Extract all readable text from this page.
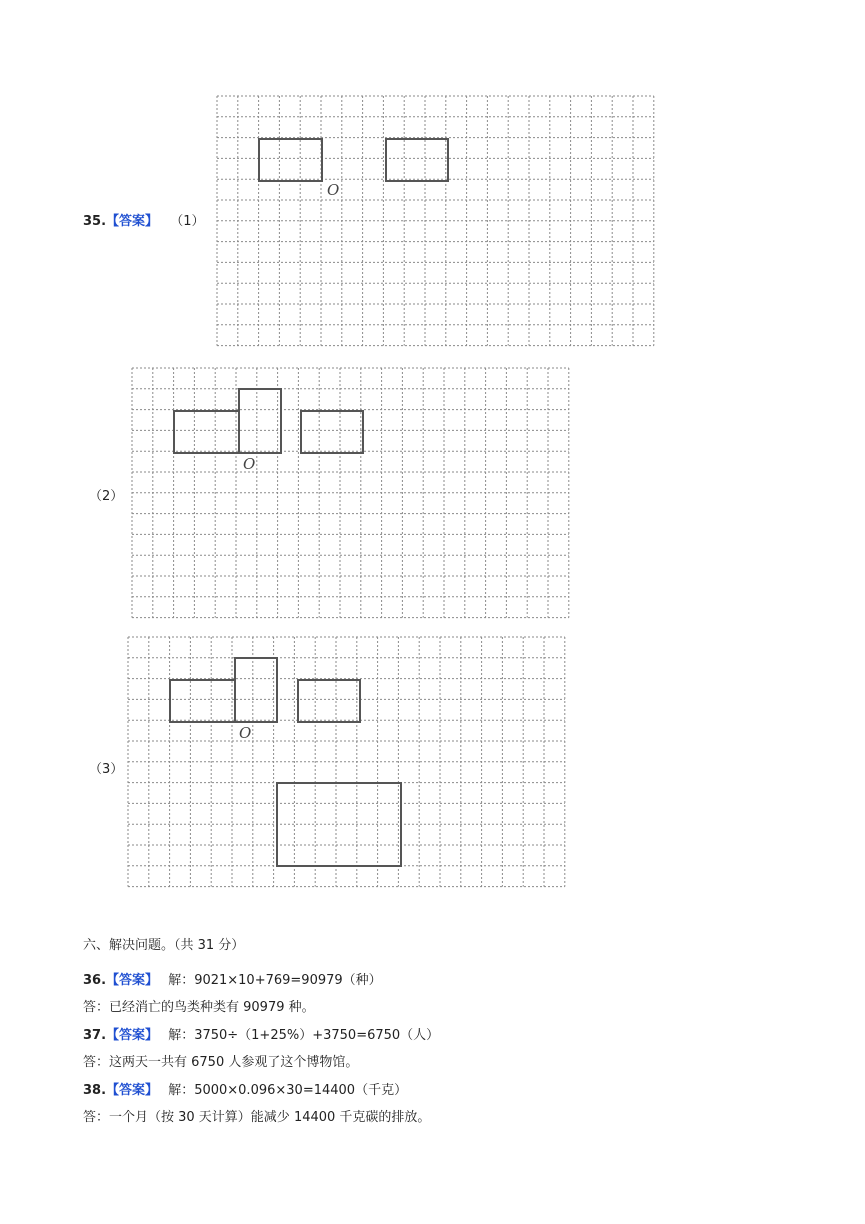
35.【答案】 （1）
O
（2）
O
（3）
O
六、解决问题。（共 31 分）
36.【答案】 解：9021×10+769=90979（种）
答：已经消亡的鸟类种类有 90979 种。
37.【答案】 解：3750÷（1+25%）+3750=6750（人）
答：这两天一共有 6750 人参观了这个博物馆。
38.【答案】 解：5000×0.096×30=14400（千克）
答：一个月（按 30 天计算）能减少 14400 千克碳的排放。
